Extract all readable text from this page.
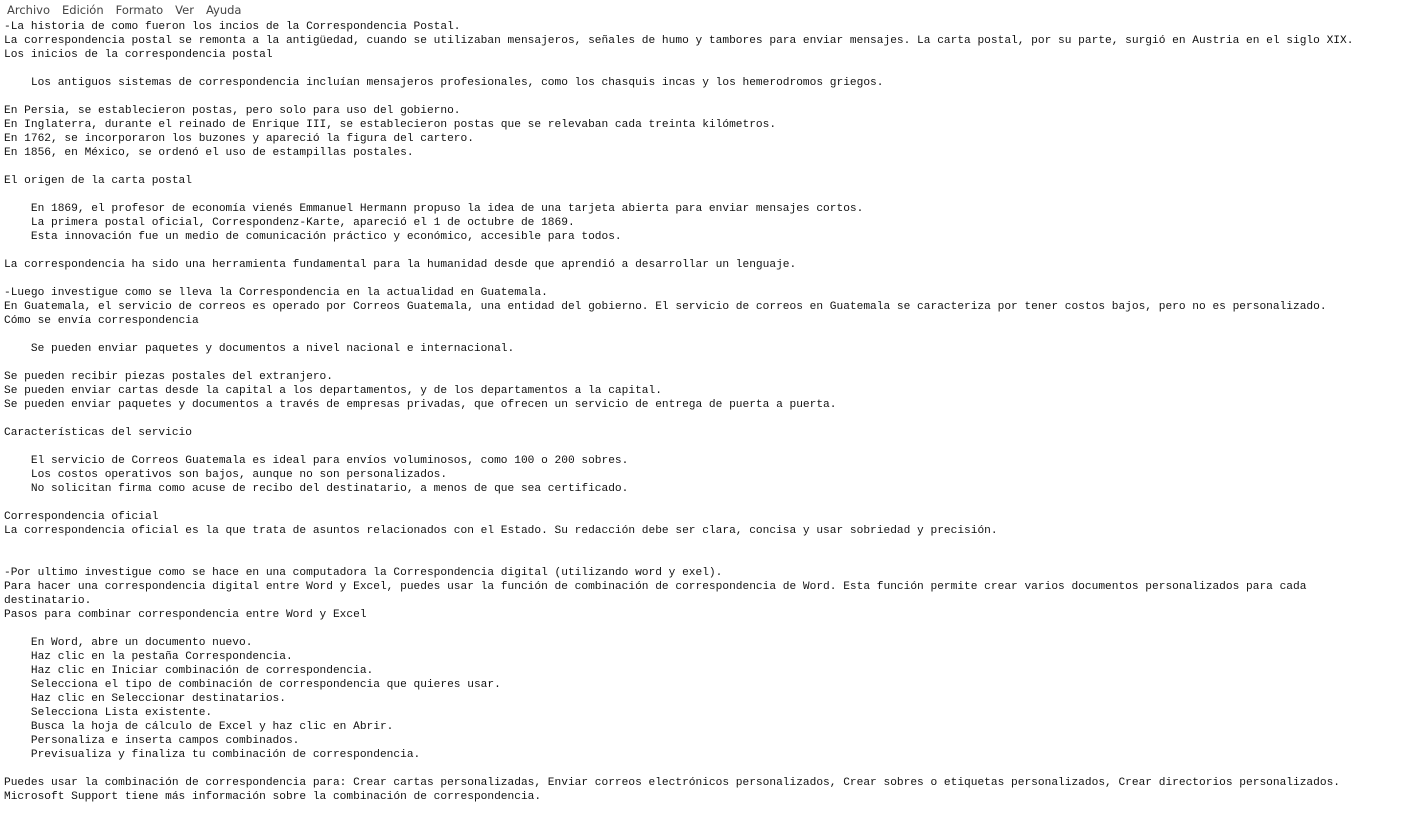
Archivo	Edición	Formato	Ver	Ayuda
-La historia de como fueron los incios de la Correspondencia Postal.
La correspondencia postal se remonta a la antigüedad, cuando se utilizaban mensajeros, señales de humo y tambores para enviar mensajes. La carta postal, por su parte, surgió en Austria en el siglo XIX.
Los inicios de la correspondencia postal
Los antiguos sistemas de correspondencia incluían mensajeros profesionales, como los chasquis incas y los hemerodromos griegos.
En Persia, se establecieron postas, pero solo para uso del gobierno.
En Inglaterra, durante el reinado de Enrique III, se establecieron postas que se relevaban cada treinta kilómetros.
En 1762, se incorporaron los buzones y apareció la figura del cartero.
En 1856, en México, se ordenó el uso de estampillas postales.
El origen de la carta postal
En 1869, el profesor de economía vienés Emmanuel Hermann propuso la idea de una tarjeta abierta para enviar mensajes cortos.
La primera postal oficial, Correspondenz-Karte, apareció el 1 de octubre de 1869.
Esta innovación fue un medio de comunicación práctico y económico, accesible para todos.
La correspondencia ha sido una herramienta fundamental para la humanidad desde que aprendió a desarrollar un lenguaje.
-Luego investigue como se lleva la Correspondencia en la actualidad en Guatemala.
En Guatemala, el servicio de correos es operado por Correos Guatemala, una entidad del gobierno. El servicio de correos en Guatemala se caracteriza por tener costos bajos, pero no es personalizado.
Cómo se envía correspondencia
Se pueden enviar paquetes y documentos a nivel nacional e internacional.
Se pueden recibir piezas postales del extranjero.
Se pueden enviar cartas desde la capital a los departamentos, y de los departamentos a la capital.
Se pueden enviar paquetes y documentos a través de empresas privadas, que ofrecen un servicio de entrega de puerta a puerta.
Características del servicio
El servicio de Correos Guatemala es ideal para envíos voluminosos, como 100 o 200 sobres.
Los costos operativos son bajos, aunque no son personalizados.
No solicitan firma como acuse de recibo del destinatario, a menos de que sea certificado.
Correspondencia oficial
La correspondencia oficial es la que trata de asuntos relacionados con el Estado. Su redacción debe ser clara, concisa y usar sobriedad y precisión.
-Por ultimo investigue como se hace en una computadora la Correspondencia digital (utilizando word y exel).
Para hacer una correspondencia digital entre Word y Excel, puedes usar la función de combinación de correspondencia de Word. Esta función permite crear varios documentos personalizados para cada
destinatario.
Pasos para combinar correspondencia entre Word y Excel
En Word, abre un documento nuevo.
Haz clic en la pestaña Correspondencia.
Haz clic en Iniciar combinación de correspondencia.
Selecciona el tipo de combinación de correspondencia que quieres usar.
Haz clic en Seleccionar destinatarios.
Selecciona Lista existente.
Busca la hoja de cálculo de Excel y haz clic en Abrir.
Personaliza e inserta campos combinados.
Previsualiza y finaliza tu combinación de correspondencia.
Puedes usar la combinación de correspondencia para: Crear cartas personalizadas, Enviar correos electrónicos personalizados, Crear sobres o etiquetas personalizados, Crear directorios personalizados.
Microsoft Support tiene más información sobre la combinación de correspondencia.
